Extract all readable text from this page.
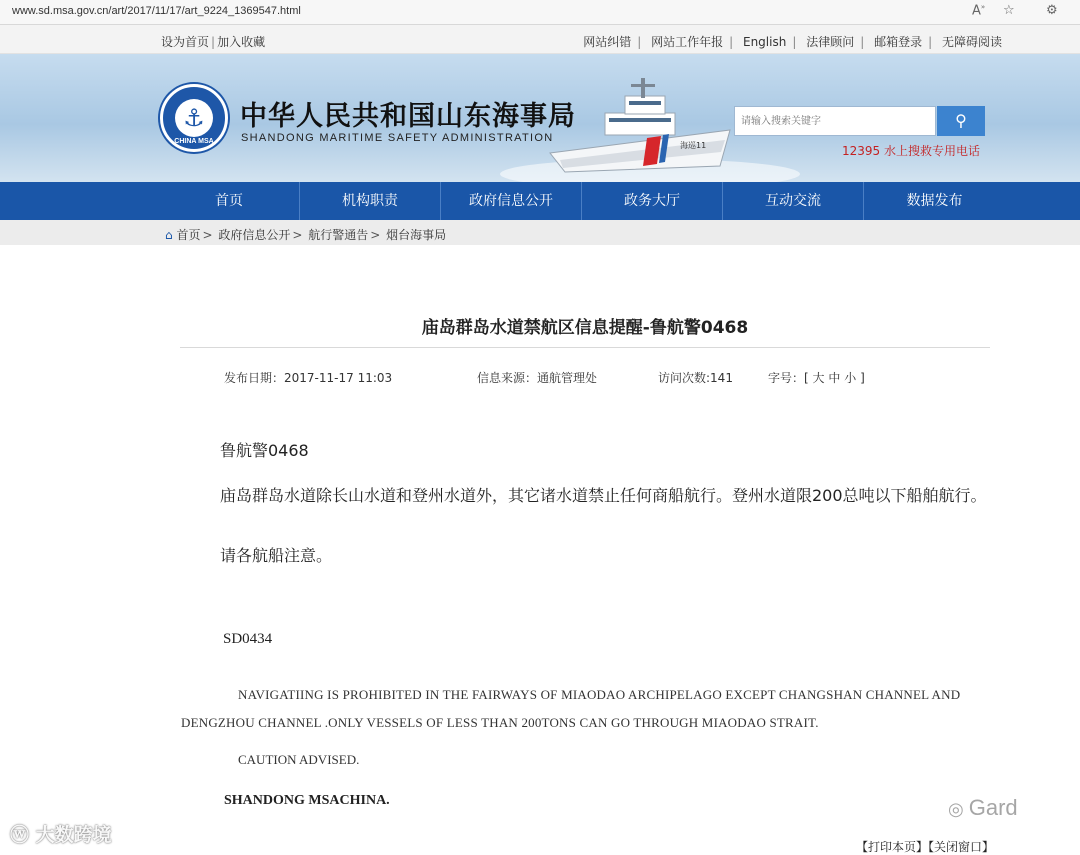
www.sd.msa.gov.cn/art/2017/11/17/art_9224_1369547.html	A» ☆ ⚙
设为首页 | 加入收藏	网站纠错 | 网站工作年报 | English | 法律顾问 | 邮箱登录 | 无障碍阅读
⚓
CHINA MSA
中华人民共和国山东海事局
SHANDONG MARITIME SAFETY ADMINISTRATION
海巡11
请输入搜索关键字
⚲
12395 水上搜救专用电话
首页	机构职责	政府信息公开	政务大厅	互动交流	数据发布
⌂ 首页 > 政府信息公开 > 航行警通告 > 烟台海事局
庙岛群岛水道禁航区信息提醒-鲁航警0468
发布日期：2017-11-17 11:03	信息来源：通航管理处	访问次数:141	字号：[ 大 中 小 ]
鲁航警0468
庙岛群岛水道除长山水道和登州水道外，其它诸水道禁止任何商船航行。登州水道限200总吨以下船舶航行。
请各航船注意。
SD0434
NAVIGATIING IS PROHIBITED IN THE FAIRWAYS OF MIAODAO ARCHIPELAGO EXCEPT CHANGSHAN CHANNEL AND DENGZHOU CHANNEL .ONLY VESSELS OF LESS THAN 200TONS CAN GO THROUGH MIAODAO STRAIT.
CAUTION ADVISED.
SHANDONG MSACHINA.
【打印本页】【关闭窗口】
ⓦ 大数跨境
◎ Gard
